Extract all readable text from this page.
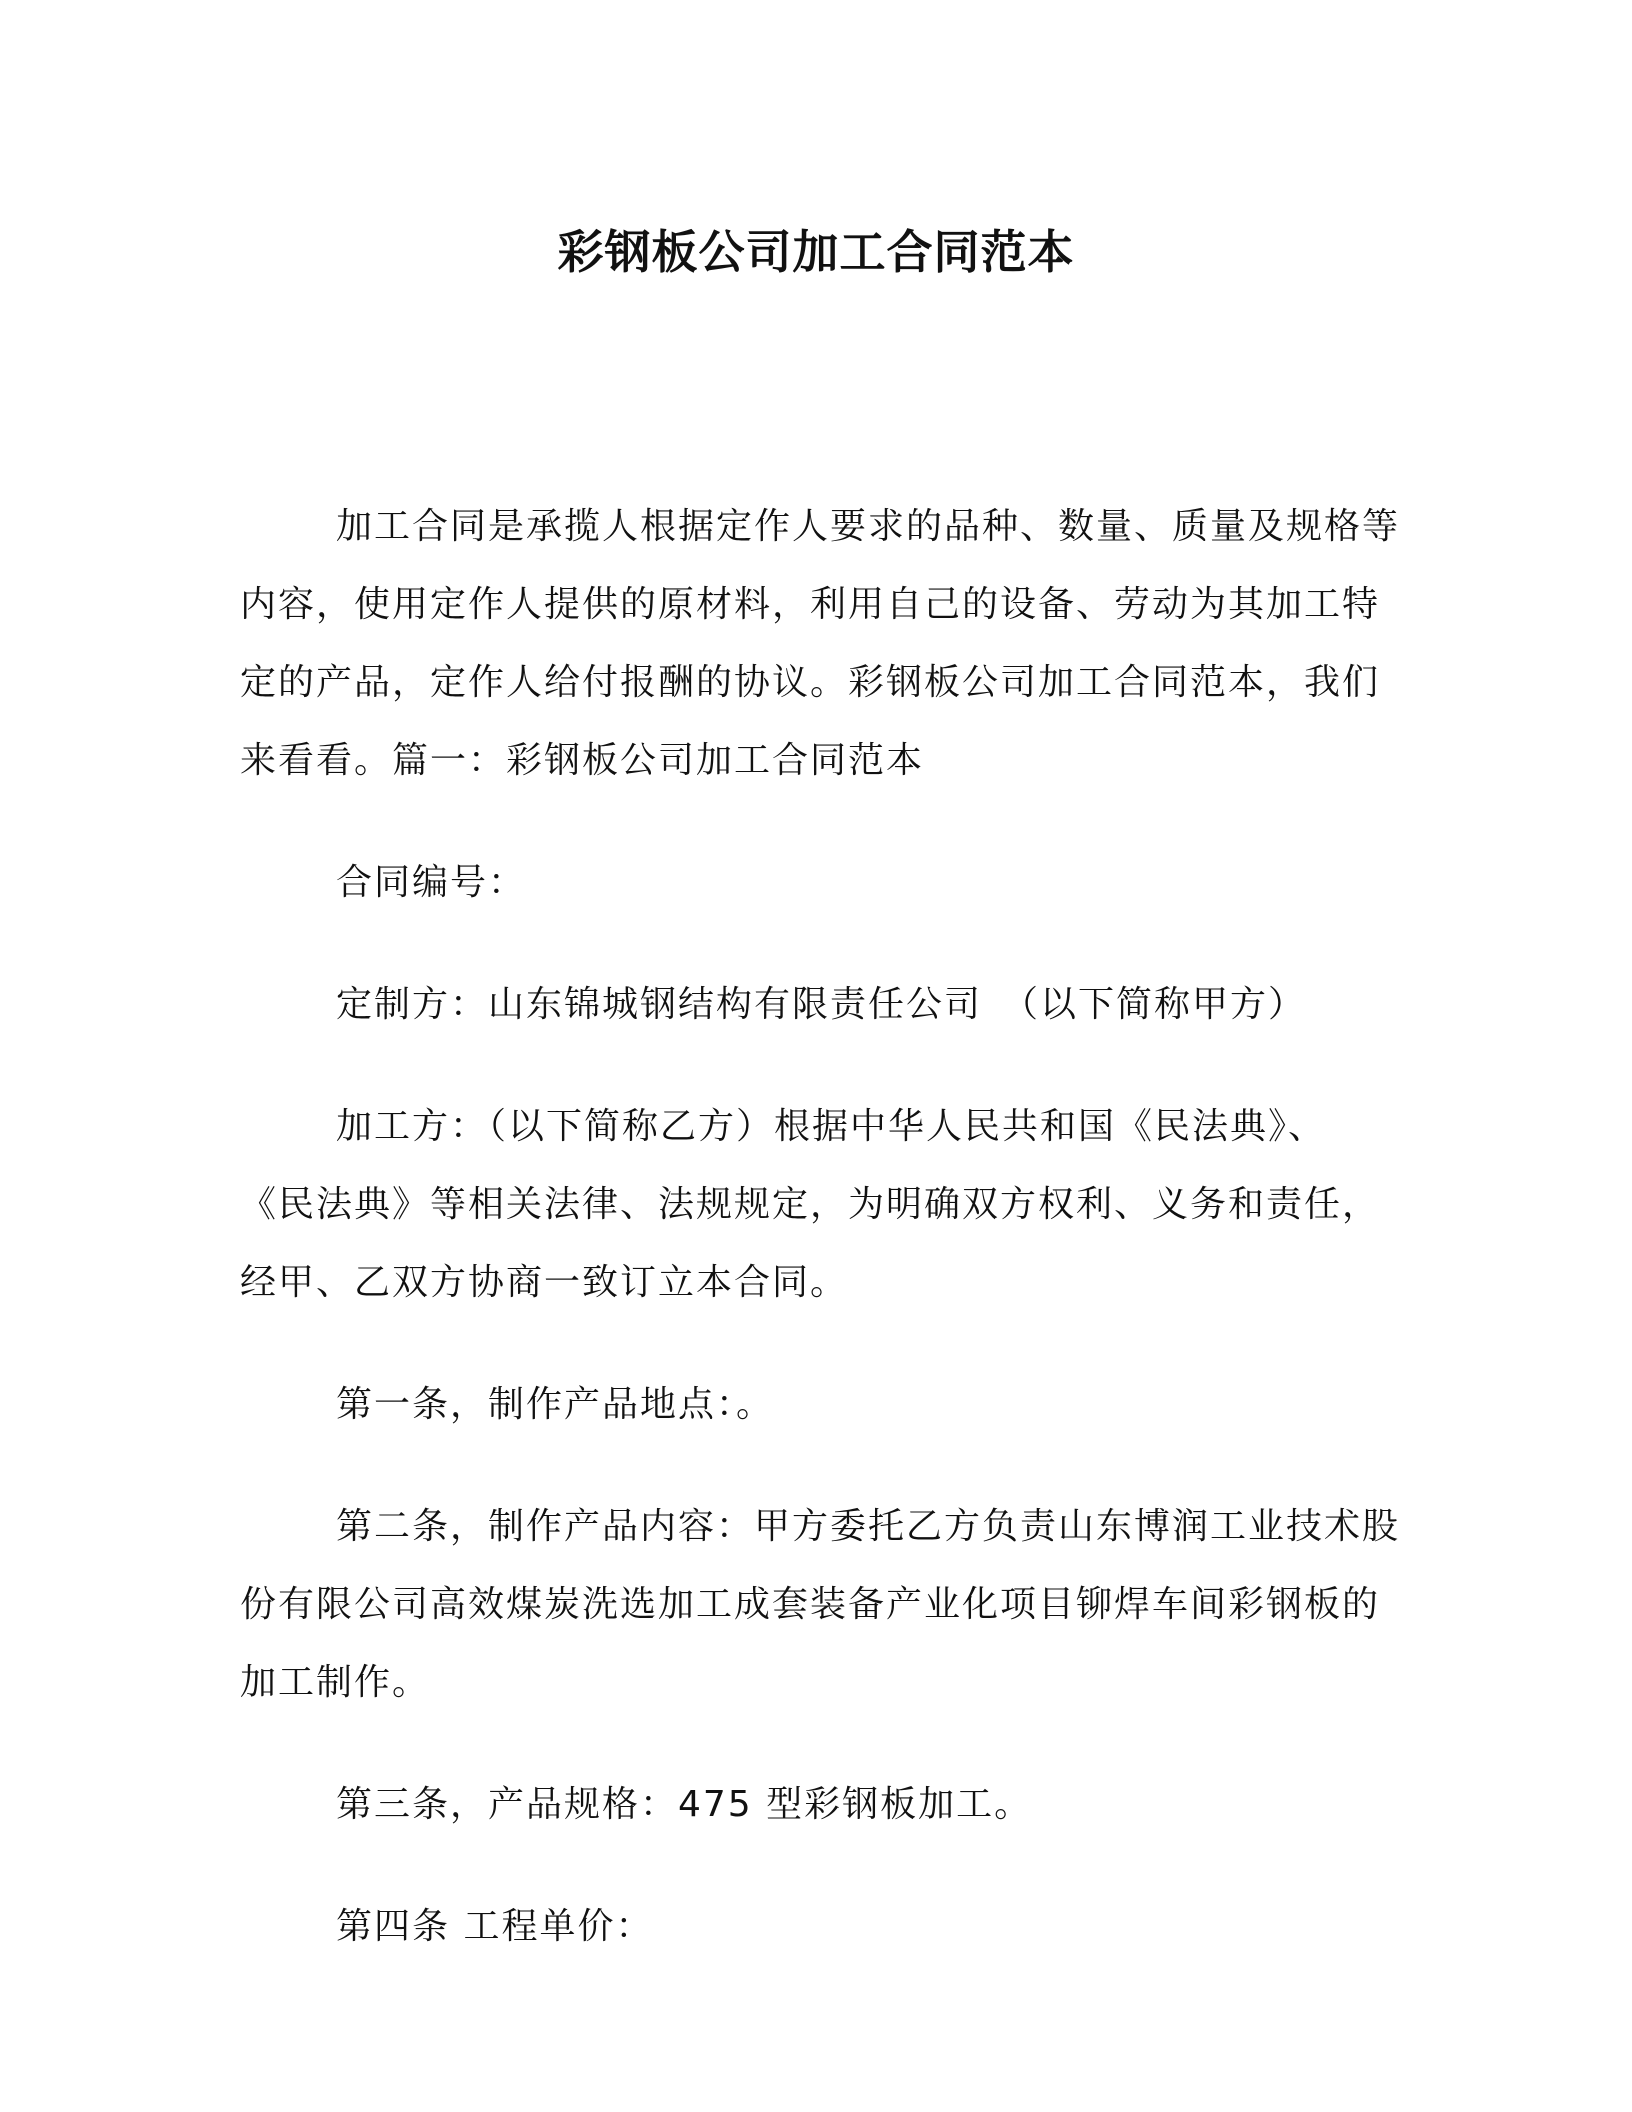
彩钢板公司加工合同范本
加工合同是承揽人根据定作人要求的品种、数量、质量及规格等
内容，使用定作人提供的原材料，利用自己的设备、劳动为其加工特
定的产品，定作人给付报酬的协议。彩钢板公司加工合同范本，我们
来看看。篇一：彩钢板公司加工合同范本
合同编号：
定制方：山东锦城钢结构有限责任公司　（以下简称甲方）
加工方：（以下简称乙方）根据中华人民共和国《民法典》、
《民法典》等相关法律、法规规定，为明确双方权利、义务和责任，
经甲、乙双方协商一致订立本合同。
第一条，制作产品地点：。
第二条，制作产品内容：甲方委托乙方负责山东博润工业技术股
份有限公司高效煤炭洗选加工成套装备产业化项目铆焊车间彩钢板的
加工制作。
第三条，产品规格：475 型彩钢板加工。
第四条 工程单价：
